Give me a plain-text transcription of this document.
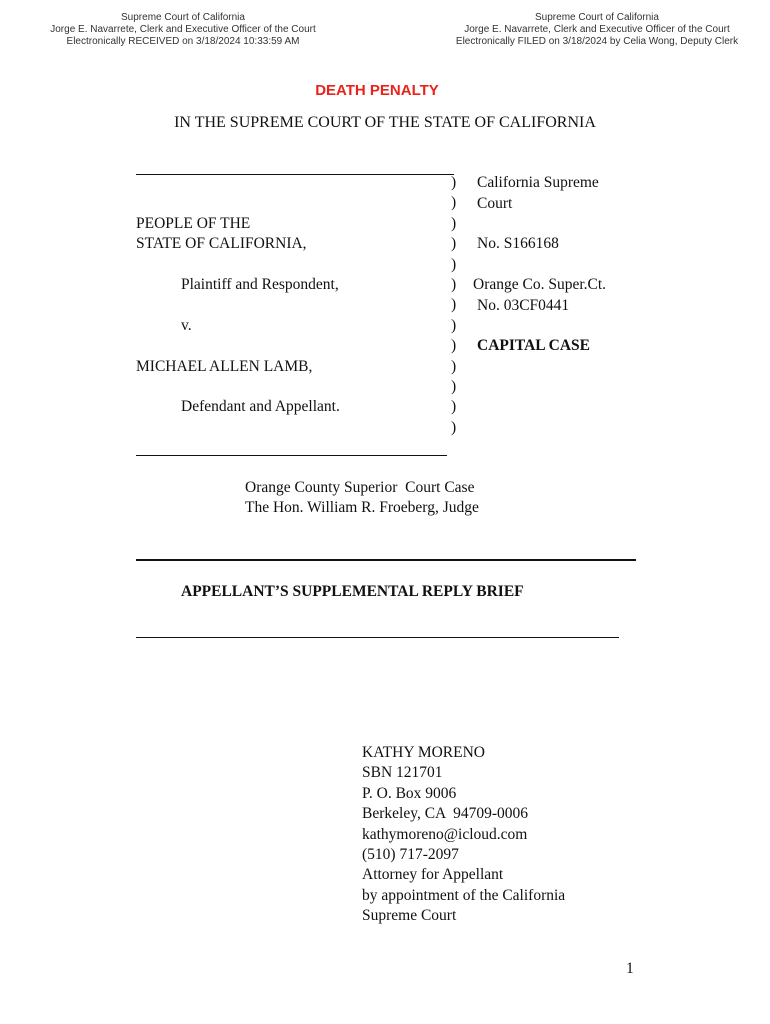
Supreme Court of California
Jorge E. Navarrete, Clerk and Executive Officer of the Court
Electronically RECEIVED on 3/18/2024 10:33:59 AM
Supreme Court of California
Jorge E. Navarrete, Clerk and Executive Officer of the Court
Electronically FILED on 3/18/2024 by Celia Wong, Deputy Clerk
DEATH PENALTY
IN THE SUPREME COURT OF THE STATE OF CALIFORNIA
)
)
)
)
)
)
)
)
)
)
)
)
)
PEOPLE OF THE
STATE OF CALIFORNIA,
Plaintiff and Respondent,
v.
MICHAEL ALLEN LAMB,
Defendant and Appellant.
California Supreme
Court
No. S166168
Orange Co. Super.Ct.
No. 03CF0441
CAPITAL CASE
Orange County Superior  Court Case
The Hon. William R. Froeberg, Judge
APPELLANT’S SUPPLEMENTAL REPLY BRIEF
KATHY MORENO
SBN 121701
P. O. Box 9006
Berkeley, CA  94709-0006
kathymoreno@icloud.com
(510) 717-2097
Attorney for Appellant
by appointment of the California
Supreme Court
1
